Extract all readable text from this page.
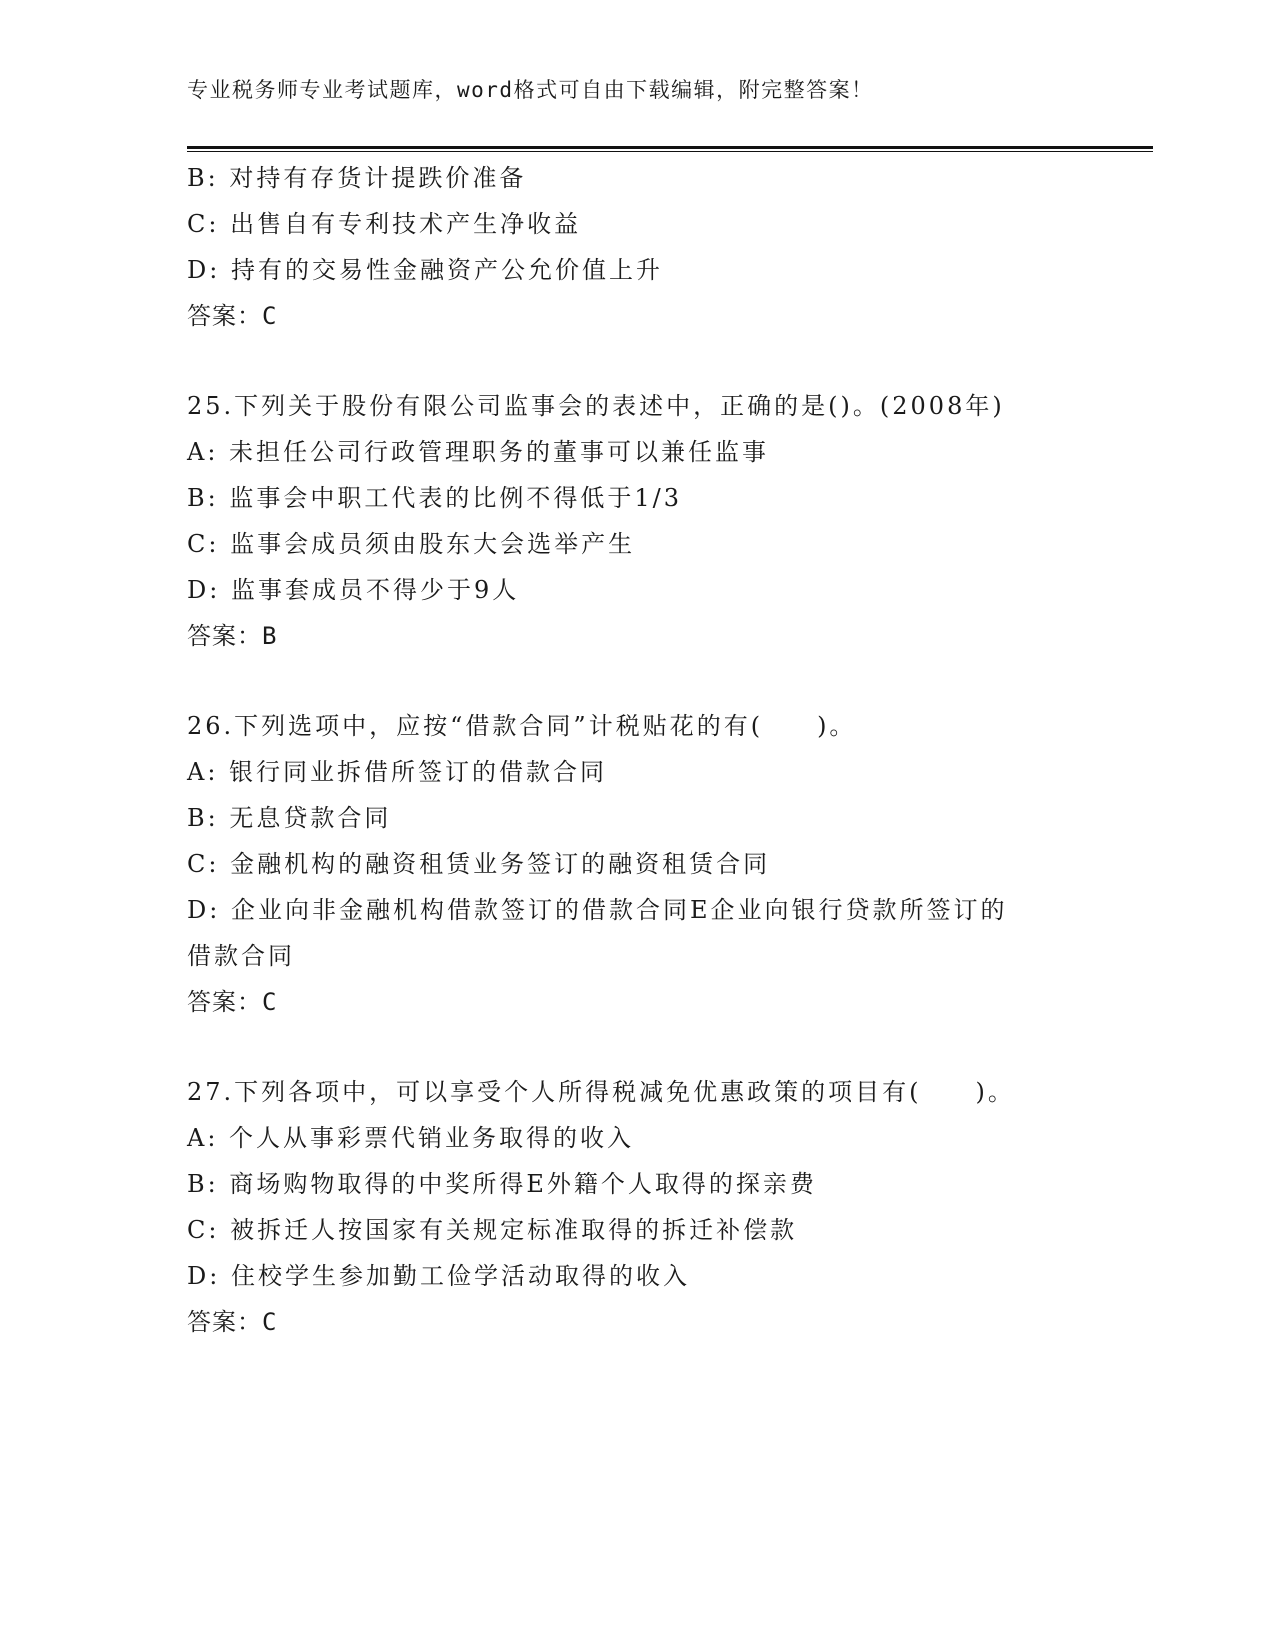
专业税务师专业考试题库，word格式可自由下载编辑，附完整答案！
B: 对持有存货计提跌价准备
C: 出售自有专利技术产生净收益
D: 持有的交易性金融资产公允价值上升
答案：C
25.下列关于股份有限公司监事会的表述中，正确的是()。(2008年)
A: 未担任公司行政管理职务的董事可以兼任监事
B: 监事会中职工代表的比例不得低于1/3
C: 监事会成员须由股东大会选举产生
D: 监事套成员不得少于9人
答案：B
26.下列选项中，应按“借款合同”计税贴花的有(　　)。
A: 银行同业拆借所签订的借款合同
B: 无息贷款合同
C: 金融机构的融资租赁业务签订的融资租赁合同
D: 企业向非金融机构借款签订的借款合同E企业向银行贷款所签订的
借款合同
答案：C
27.下列各项中，可以享受个人所得税减免优惠政策的项目有(　　)。
A: 个人从事彩票代销业务取得的收入
B: 商场购物取得的中奖所得E外籍个人取得的探亲费
C: 被拆迁人按国家有关规定标准取得的拆迁补偿款
D: 住校学生参加勤工俭学活动取得的收入
答案：C
